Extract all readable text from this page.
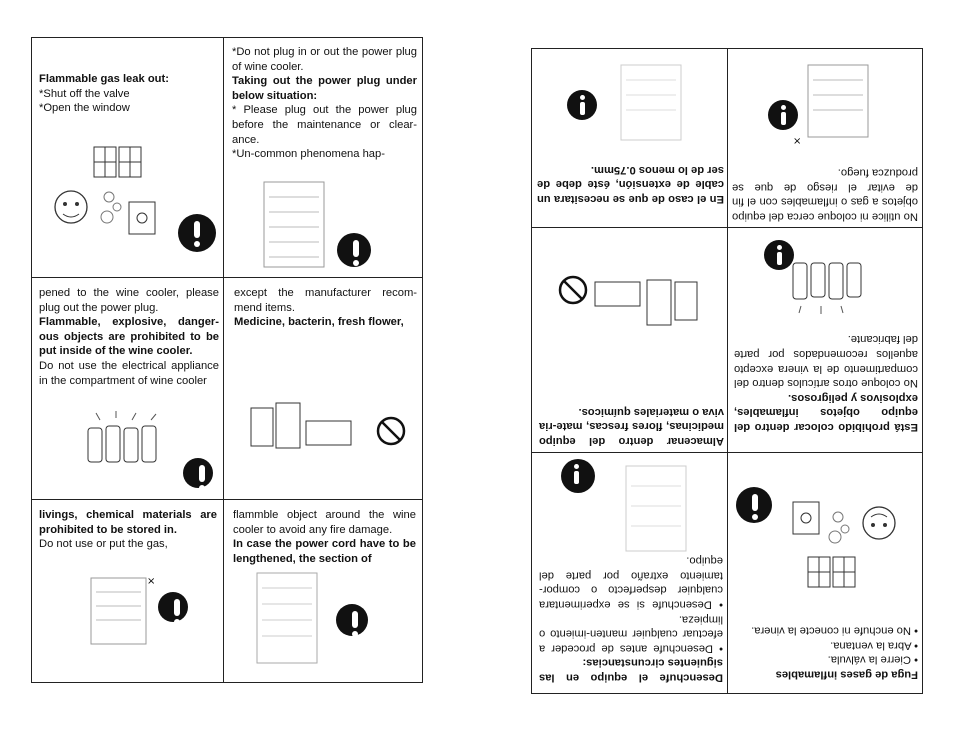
Flammable gas leak out:

*Shut off the valve

*Open the window

*Do not plug in or out the power plug of wine cooler.

Taking out the power plug under below situation:

* Please plug out the power plug before the maintenance or clear-ance.

*Un-common phenomena hap-

pened to the wine cooler, please plug out the power plug.

Flammable, explosive, danger-ous objects are prohibited to be put inside of the wine cooler.

Do not use the electrical appliance in the compartment of wine cooler

except the manufacturer recom-mend items.

Medicine, bacterin, fresh flower,

livings, chemical materials are prohibited to be stored in.

Do not use or put the gas,

×

flammble object around the wine cooler to avoid any fire damage.

In case the power cord have to be lengthened, the section of

En el caso de que se necesitara un cable de extensión, éste debe de ser de lo menos 0.75mm.

×

No utilice ni coloque cerca del equipo objetos a gas o inflamables con el fin de evitar el riesgo de que se produzca fuego.

Almacenar dentro del equipo medicinas, flores frescas, mate-ria viva o materiales químicos.

Está prohibido colocar dentro del equipo objetos inflamables, explosivos y peligrosos.

No coloque otros artículos dentro del compartimento de la vinera excepto aquellos recomendados por parte del fabricante.

Desenchufe el equipo en las siguientes circunstancias:

• Desenchufe antes de proceder a efectuar cualquier manten-imiento o limpieza.

• Desenchufe si se experimentara cualquier desperfecto o compor-tamiento extraño por parte del equipo.

Fuga de gases inflamables

• Cierre la válvula.

• Abra la ventana.

• No enchufe ni conecte la vinera.
